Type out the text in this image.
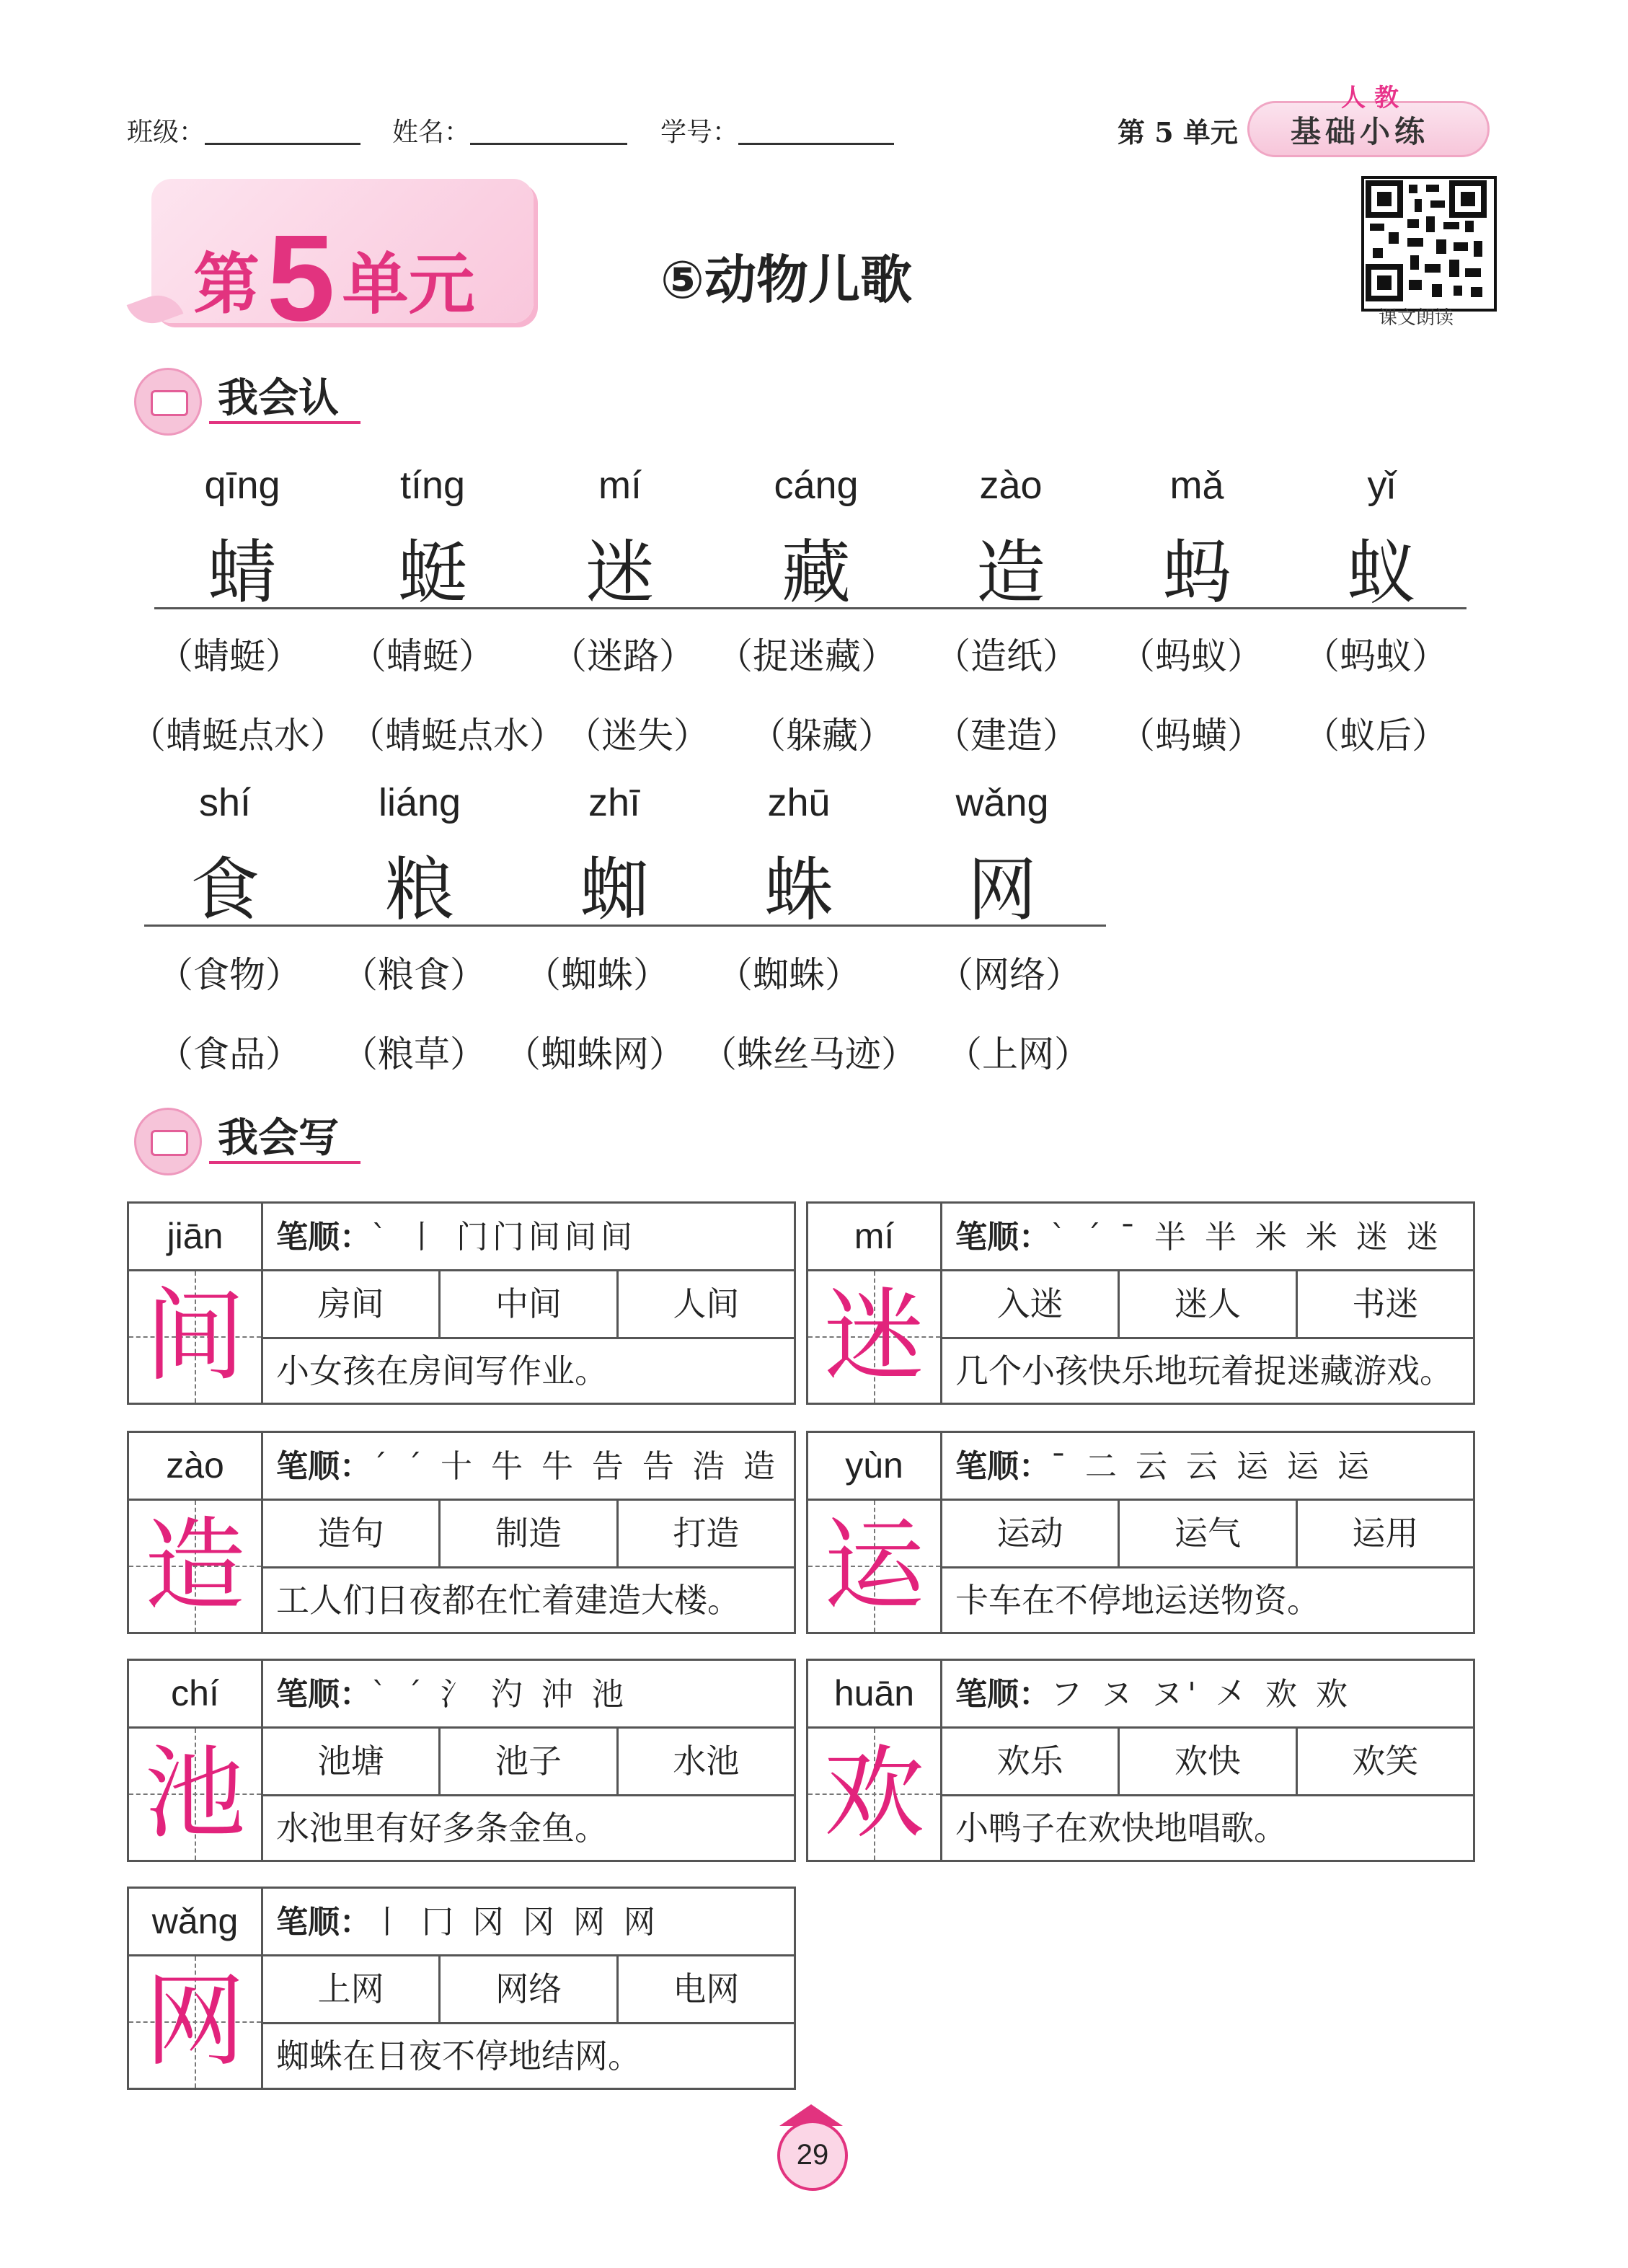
班级：	姓名：	学号：	第 5 单元
人教
基础小练
第5 单元	⑤动物儿歌
课文朗读
我会认
qīng	tíng	mí	cáng	zào	mǎ	yǐ
蜻	蜓	迷	藏	造	蚂	蚁
（蜻蜓） （蜻蜓） （迷路） （捉迷藏） （造纸） （蚂蚁） （蚂蚁）
（蜻蜓点水） （蜻蜓点水） （迷失） （躲藏） （建造） （蚂蟥） （蚁后）
shí	liáng	zhī	zhū	wǎng
食	粮	蜘	蛛	网
（食物） （粮食） （蜘蛛） （蜘蛛） （网络）
（食品） （粮草） （蜘蛛网） （蛛丝马迹） （上网）
我会写
jiān
间
笔顺：` 丨 门门间间间
房间	中间	人间
小女孩在房间写作业。
mí
迷
笔顺：` ˊ ˉ 半 半 米 米 迷 迷
入迷	迷人	书迷
几个小孩快乐地玩着捉迷藏游戏。
zào
造
笔顺：ˊ ˊ 十 牛 牛 告 告 浩 造
造句	制造	打造
工人们日夜都在忙着建造大楼。
yùn
运
笔顺：ˉ 二 云 云 运 运 运
运动	运气	运用
卡车在不停地运送物资。
chí
池
笔顺：` ˊ 氵 汋 沖 池
池塘	池子	水池
水池里有好多条金鱼。
huān
欢
笔顺：フ ヌ ヌ' 㐅 欢 欢
欢乐	欢快	欢笑
小鸭子在欢快地唱歌。
wǎng
网
笔顺：丨 冂 冈 冈 网 网
上网	网络	电网
蜘蛛在日夜不停地结网。
29
